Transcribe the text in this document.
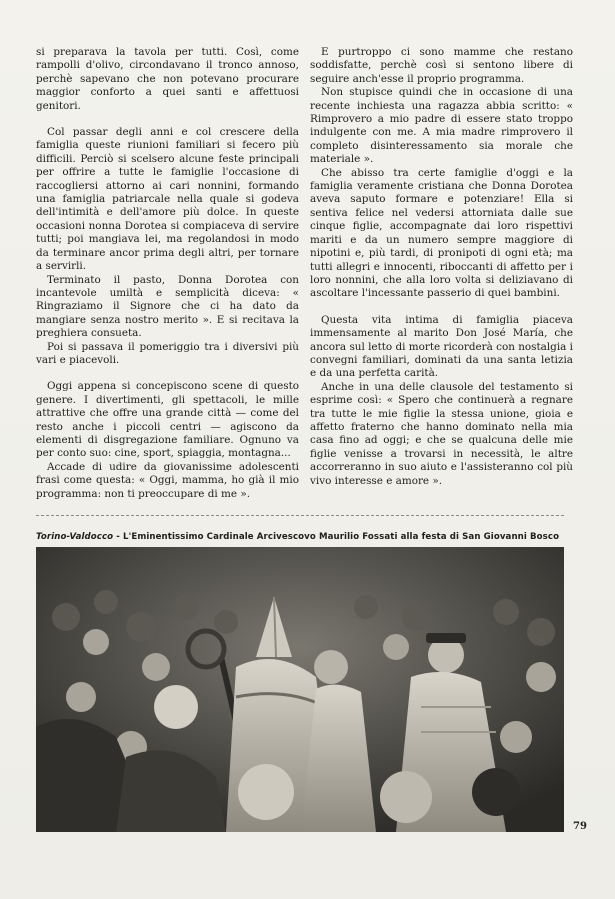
si preparava la tavola per tutti. Così, come rampolli d'olivo, circondavano il tronco annoso, perchè sapevano che non potevano procurare maggior conforto a quei santi e affettuosi genitori.

Col passar degli anni e col crescere della famiglia queste riunioni familiari si fecero più difficili. Perciò si scelsero alcune feste principali per offrire a tutte le famiglie l'occasione di raccogliersi attorno ai cari nonnini, formando una famiglia patriarcale nella quale si godeva dell'intimità e dell'amore più dolce. In queste occasioni nonna Dorotea si compiaceva di servire tutti; poi mangiava lei, ma regolandosi in modo da terminare ancor prima degli altri, per tornare a servirli.

Terminato il pasto, Donna Dorotea con incantevole umiltà e semplicità diceva: « Ringraziamo il Signore che ci ha dato da mangiare senza nostro merito ». E si recitava la preghiera consueta.

Poi si passava il pomeriggio tra i diversivi più vari e piacevoli.

Oggi appena si concepiscono scene di questo genere. I divertimenti, gli spettacoli, le mille attrattive che offre una grande città — come del resto anche i piccoli centri — agiscono da elementi di disgregazione familiare. Ognuno va per conto suo: cine, sport, spiaggia, montagna...

Accade di udire da giovanissime adolescenti frasi come questa: « Oggi, mamma, ho già il mio programma: non ti preoccupare di me ».

E purtroppo ci sono mamme che restano soddisfatte, perchè così si sentono libere di seguire anch'esse il proprio programma.

Non stupisce quindi che in occasione di una recente inchiesta una ragazza abbia scritto: « Rimprovero a mio padre di essere stato troppo indulgente con me. A mia madre rimprovero il completo disinteressamento sia morale che materiale ».

Che abisso tra certe famiglie d'oggi e la famiglia veramente cristiana che Donna Dorotea aveva saputo formare e potenziare! Ella si sentiva felice nel vedersi attorniata dalle sue cinque figlie, accompagnate dai loro rispettivi mariti e da un numero sempre maggiore di nipotini e, più tardi, di pronipoti di ogni età; ma tutti allegri e innocenti, riboccanti di affetto per i loro nonnini, che alla loro volta si deliziavano di ascoltare l'incessante passerio di quei bambini.

Questa vita intima di famiglia piaceva immensamente al marito Don José María, che ancora sul letto di morte ricorderà con nostalgia i convegni familiari, dominati da una santa letizia e da una perfetta carità.

Anche in una delle clausole del testamento si esprime così: « Spero che continuerà a regnare tra tutte le mie figlie la stessa unione, gioia e affetto fraterno che hanno dominato nella mia casa fino ad oggi; e che se qualcuna delle mie figlie venisse a trovarsi in necessità, le altre accorreranno in suo aiuto e l'assisteranno col più vivo interesse e amore ».

Torino-Valdocco - L'Eminentissimo Cardinale Arcivescovo Maurilio Fossati alla festa di San Giovanni Bosco
79
